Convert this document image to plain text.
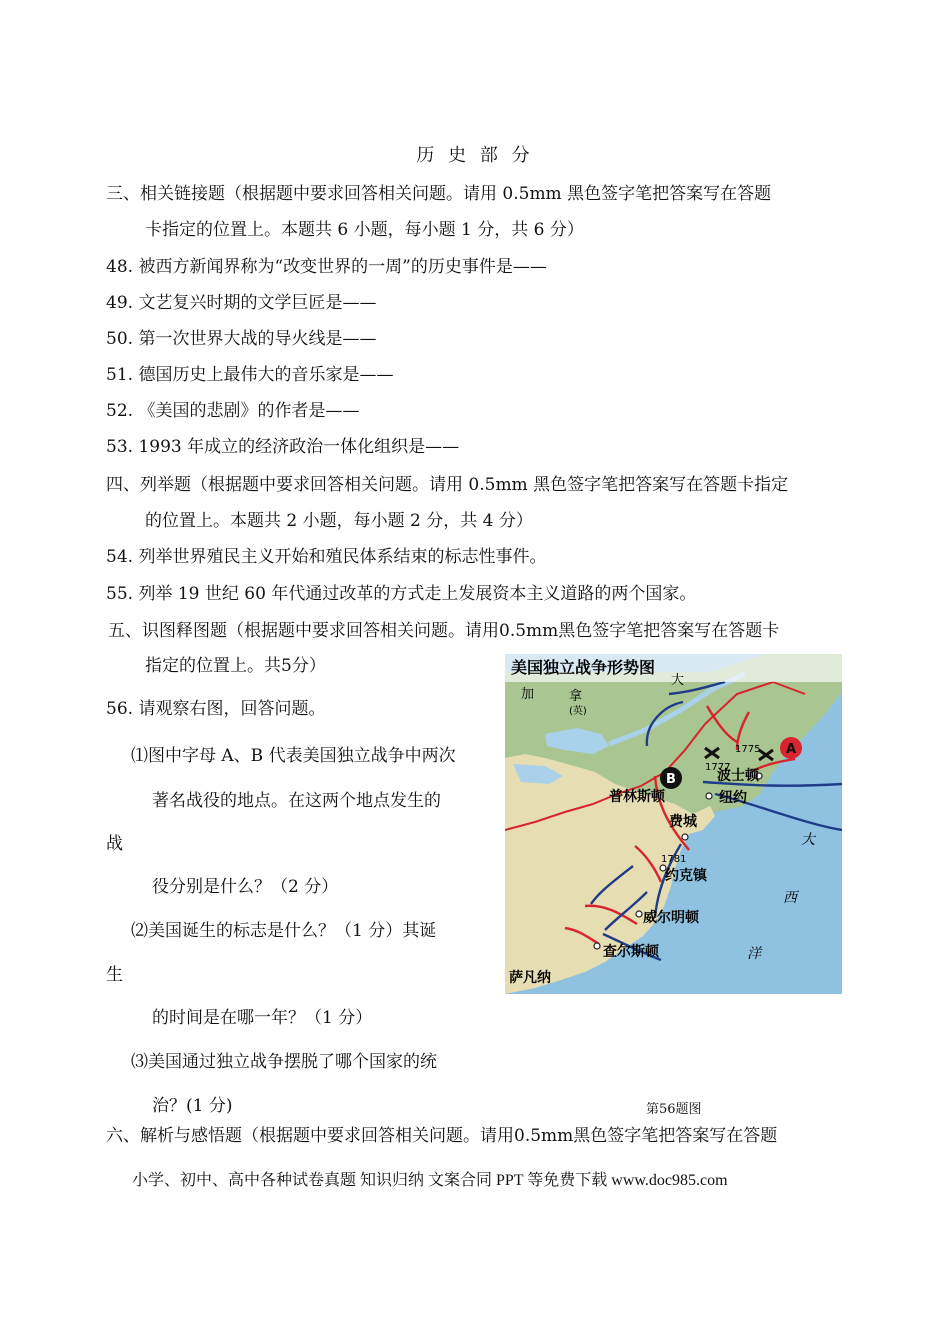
历 史 部 分
三、相关链接题（根据题中要求回答相关问题。请用 0.5mm 黑色签字笔把答案写在答题
卡指定的位置上。本题共 6 小题，每小题 1 分，共 6 分）
48. 被西方新闻界称为“改变世界的一周”的历史事件是——
49. 文艺复兴时期的文学巨匠是——
50. 第一次世界大战的导火线是——
51. 德国历史上最伟大的音乐家是——
52. 《美国的悲剧》的作者是——
53. 1993 年成立的经济政治一体化组织是——
四、列举题（根据题中要求回答相关问题。请用 0.5mm 黑色签字笔把答案写在答题卡指定
的位置上。本题共 2 小题，每小题 2 分，共 4 分）
54. 列举世界殖民主义开始和殖民体系结束的标志性事件。
55. 列举 19 世纪 60 年代通过改革的方式走上发展资本主义道路的两个国家。
五、识图释图题（根据题中要求回答相关问题。请用0.5mm黑色签字笔把答案写在答题卡
指定的位置上。共5分）
56. 请观察右图，回答问题。
⑴图中字母 A、B 代表美国独立战争中两次
著名战役的地点。在这两个地点发生的
战
役分别是什么？（2 分）
⑵美国诞生的标志是什么？（1 分）其诞
生
的时间是在哪一年？（1 分）
⑶美国通过独立战争摆脱了哪个国家的统
治？(1 分)
美国独立战争形势图
加	拿
大
(英)
波士顿
普林斯顿	纽约
费城
约克镇
威尔明顿
查尔斯顿
萨凡纳
大
西
洋
1775
1777
1781
A
B
第56题图
六、解析与感悟题（根据题中要求回答相关问题。请用0.5mm黑色签字笔把答案写在答题
小学、初中、高中各种试卷真题 知识归纳 文案合同 PPT 等免费下载 www.doc985.com
